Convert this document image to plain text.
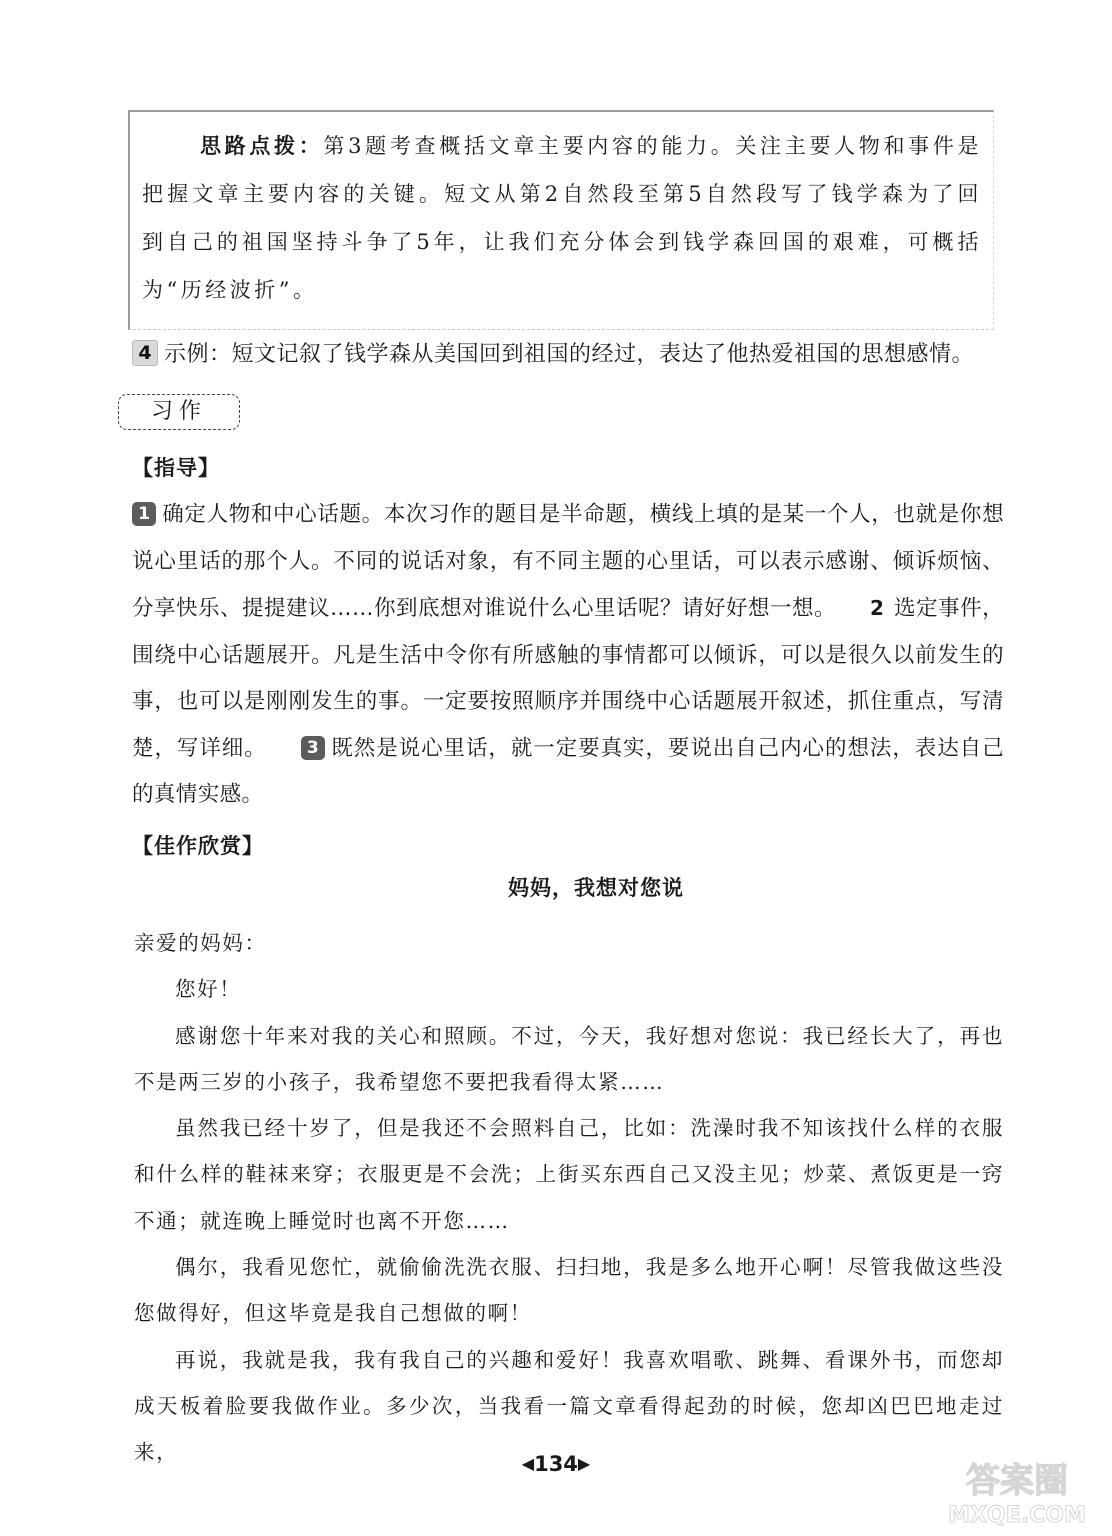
思路点拨：第3题考查概括文章主要内容的能力。关注主要人物和事件是把握文章主要内容的关键。短文从第2自然段至第5自然段写了钱学森为了回到自己的祖国坚持斗争了5年，让我们充分体会到钱学森回国的艰难，可概括为“历经波折”。
4 示例：短文记叙了钱学森从美国回到祖国的经过，表达了他热爱祖国的思想感情。
习作
【指导】
1 确定人物和中心话题。本次习作的题目是半命题，横线上填的是某一个人，也就是你想说心里话的那个人。不同的说话对象，有不同主题的心里话，可以表示感谢、倾诉烦恼、分享快乐、提提建议……你到底想对谁说什么心里话呢？请好好想一想。 2 选定事件，围绕中心话题展开。凡是生活中令你有所感触的事情都可以倾诉，可以是很久以前发生的事，也可以是刚刚发生的事。一定要按照顺序并围绕中心话题展开叙述，抓住重点，写清楚，写详细。　　	3 既然是说心里话，就一定要真实，要说出自己内心的想法，表达自己的真情实感。
【佳作欣赏】
妈妈，我想对您说

亲爱的妈妈：

您好！

感谢您十年来对我的关心和照顾。不过，今天，我好想对您说：我已经长大了，再也不是两三岁的小孩子，我希望您不要把我看得太紧……

虽然我已经十岁了，但是我还不会照料自己，比如：洗澡时我不知该找什么样的衣服和什么样的鞋袜来穿；衣服更是不会洗；上街买东西自己又没主见；炒菜、煮饭更是一窍不通；就连晚上睡觉时也离不开您……

偶尔，我看见您忙，就偷偷洗洗衣服、扫扫地，我是多么地开心啊！尽管我做这些没您做得好，但这毕竟是我自己想做的啊！

再说，我就是我，我有我自己的兴趣和爱好！我喜欢唱歌、跳舞、看课外书，而您却成天板着脸要我做作业。多少次，当我看一篇文章看得起劲的时候，您却凶巴巴地走过来，	◀134▶	答案圈
MXQE.COM
